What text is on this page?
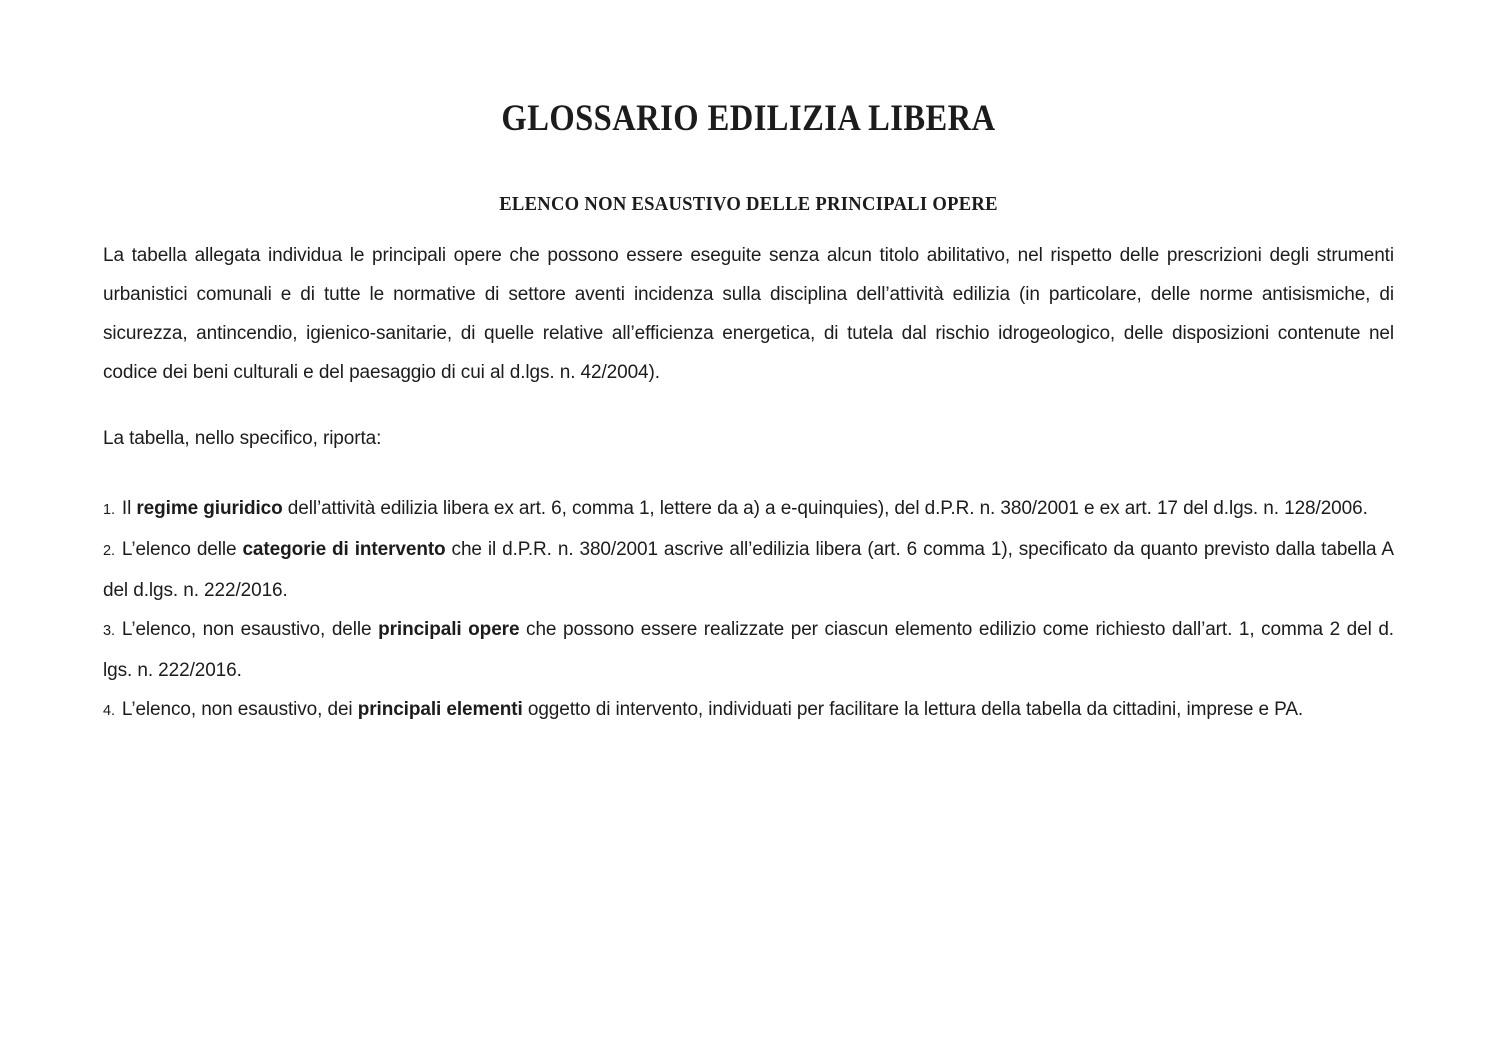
GLOSSARIO EDILIZIA LIBERA
ELENCO NON ESAUSTIVO DELLE PRINCIPALI OPERE

La tabella allegata individua le principali opere che possono essere eseguite senza alcun titolo abilitativo, nel rispetto delle prescrizioni degli strumenti urbanistici comunali e di tutte le normative di settore aventi incidenza sulla disciplina dell’attività edilizia (in particolare, delle norme antisismiche, di sicurezza, antincendio, igienico-sanitarie, di quelle relative all’efficienza energetica, di tutela dal rischio idrogeologico, delle disposizioni contenute nel codice dei beni culturali e del paesaggio di cui al d.lgs. n. 42/2004).

La tabella, nello specifico, riporta:

1. Il regime giuridico dell’attività edilizia libera ex art. 6, comma 1, lettere da a) a e-quinquies), del d.P.R. n. 380/2001 e ex art. 17 del d.lgs. n. 128/2006.

2. L’elenco delle categorie di intervento che il d.P.R. n. 380/2001 ascrive all’edilizia libera (art. 6 comma 1), specificato da quanto previsto dalla tabella A del d.lgs. n. 222/2016.

3. L’elenco, non esaustivo, delle principali opere che possono essere realizzate per ciascun elemento edilizio come richiesto dall’art. 1, comma 2 del d. lgs. n. 222/2016.

4. L’elenco, non esaustivo, dei principali elementi oggetto di intervento, individuati per facilitare la lettura della tabella da cittadini, imprese e PA.
